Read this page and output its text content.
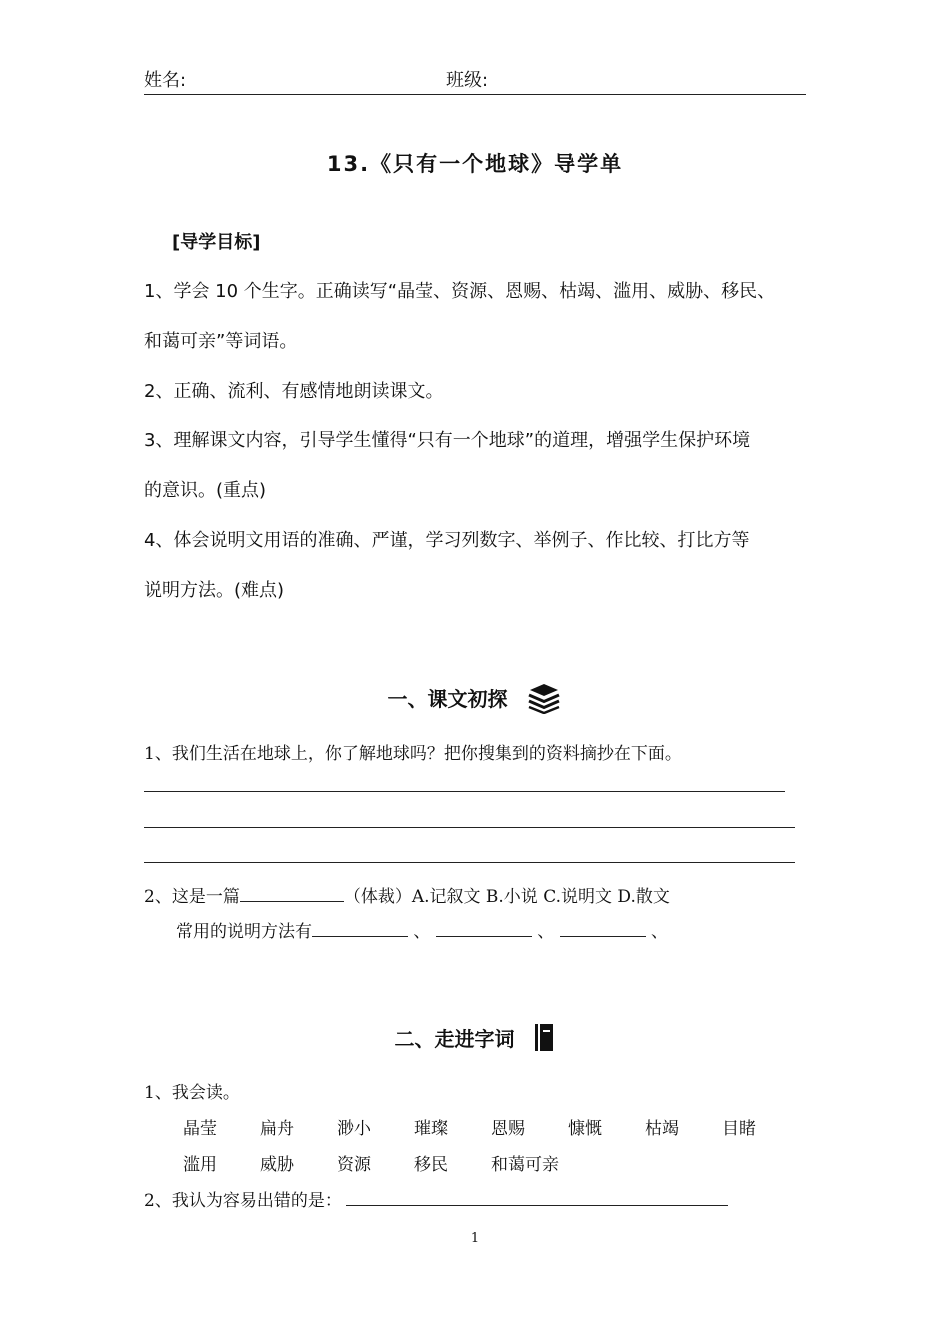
姓名:	班级:
13.《只有一个地球》导学单
[导学目标]
1、学会 10 个生字。正确读写“晶莹、资源、恩赐、枯竭、滥用、威胁、移民、
和蔼可亲”等词语。
2、正确、流利、有感情地朗读课文。
3、理解课文内容，引导学生懂得“只有一个地球”的道理，增强学生保护环境
的意识。(重点)
4、体会说明文用语的准确、严谨，学习列数字、举例子、作比较、打比方等
说明方法。(难点)
一、课文初探
1、我们生活在地球上，你了解地球吗？把你搜集到的资料摘抄在下面。
2、这是一篇	（体裁）A.记叙文 B.小说 C.说明文 D.散文
常用的说明方法有	、	、	、
二、走进字词
1、我会读。
晶莹	扁舟	渺小	璀璨	恩赐	慷慨	枯竭	目睹
滥用	威胁	资源	移民	和蔼可亲
2、我认为容易出错的是：
1
